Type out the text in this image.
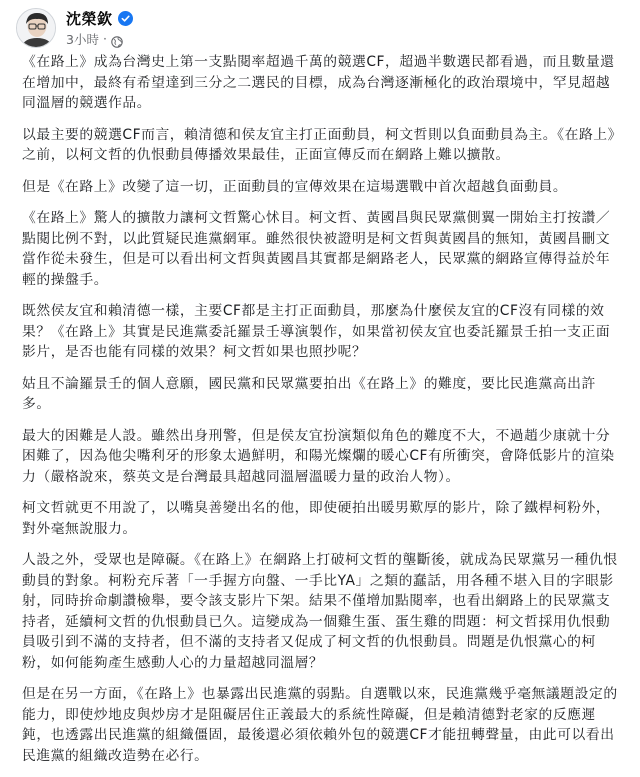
沈榮欽
3小時 ·

《在路上》成為台灣史上第一支點閱率超過千萬的競選CF，超過半數選民都看過，而且數量還在增加中，最終有希望達到三分之二選民的目標，成為台灣逐漸極化的政治環境中，罕見超越同溫層的競選作品。

以最主要的競選CF而言，賴清德和侯友宜主打正面動員，柯文哲則以負面動員為主。《在路上》之前，以柯文哲的仇恨動員傳播效果最佳，正面宣傳反而在網路上難以擴散。

但是《在路上》改變了這一切，正面動員的宣傳效果在這場選戰中首次超越負面動員。

《在路上》驚人的擴散力讓柯文哲驚心怵目。柯文哲、黃國昌與民眾黨側翼一開始主打按讚／點閱比例不對，以此質疑民進黨網軍。雖然很快被證明是柯文哲與黃國昌的無知，黃國昌刪文當作從未發生，但是可以看出柯文哲與黃國昌其實都是網路老人，民眾黨的網路宣傳得益於年輕的操盤手。

既然侯友宜和賴清德一樣，主要CF都是主打正面動員，那麼為什麼侯友宜的CF沒有同樣的效果？《在路上》其實是民進黨委託羅景壬導演製作，如果當初侯友宜也委託羅景壬拍一支正面影片，是否也能有同樣的效果？柯文哲如果也照抄呢？

姑且不論羅景壬的個人意願，國民黨和民眾黨要拍出《在路上》的難度，要比民進黨高出許多。

最大的困難是人設。雖然出身刑警，但是侯友宜扮演類似角色的難度不大，不過趙少康就十分困難了，因為他尖嘴利牙的形象太過鮮明，和陽光燦爛的暖心CF有所衝突，會降低影片的渲染力（嚴格說來，蔡英文是台灣最具超越同溫層溫暖力量的政治人物）。

柯文哲就更不用說了，以嘴臭善變出名的他，即使硬拍出暖男歎厚的影片，除了鐵桿柯粉外，對外毫無說服力。

人設之外，受眾也是障礙。《在路上》在網路上打破柯文哲的壟斷後，就成為民眾黨另一種仇恨動員的對象。柯粉充斥著「一手握方向盤、一手比YA」之類的蠢話，用各種不堪入目的字眼影射，同時拚命劇讚檢舉，要令該支影片下架。結果不僅增加點閱率，也看出網路上的民眾黨支持者，延續柯文哲的仇恨動員已久。這變成為一個雞生蛋、蛋生雞的問題：柯文哲採用仇恨動員吸引到不滿的支持者，但不滿的支持者又促成了柯文哲的仇恨動員。問題是仇恨黨心的柯粉，如何能夠產生感動人心的力量超越同溫層？

但是在另一方面，《在路上》也暴露出民進黨的弱點。自選戰以來，民進黨幾乎毫無議題設定的能力，即使炒地皮與炒房才是阻礙居住正義最大的系統性障礙，但是賴清德對老家的反應遲鈍，也透露出民進黨的組織僵固，最後還必須依賴外包的競選CF才能扭轉聲量，由此可以看出民進黨的組織改造勢在必行。
